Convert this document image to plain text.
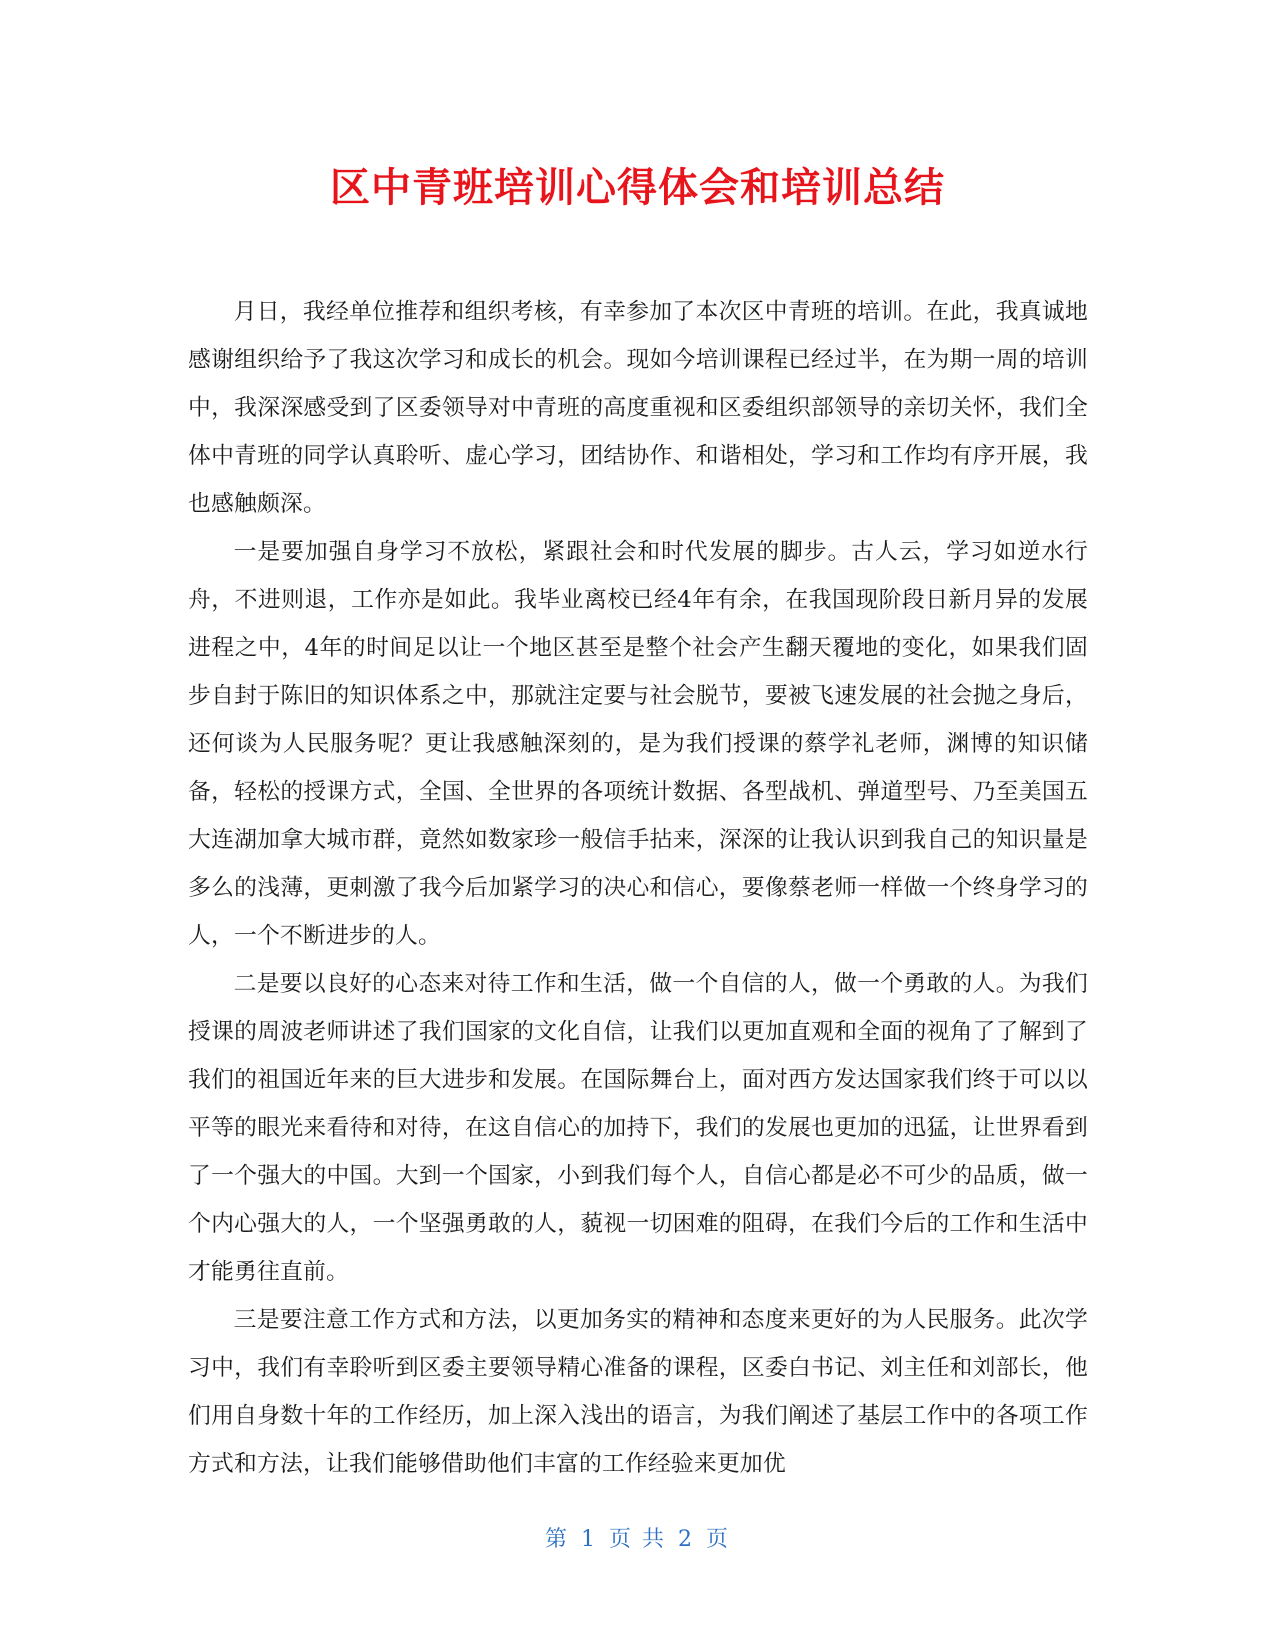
区中青班培训心得体会和培训总结

月日，我经单位推荐和组织考核，有幸参加了本次区中青班的培训。在此，我真诚地感谢组织给予了我这次学习和成长的机会。现如今培训课程已经过半，在为期一周的培训中，我深深感受到了区委领导对中青班的高度重视和区委组织部领导的亲切关怀，我们全体中青班的同学认真聆听、虚心学习，团结协作、和谐相处，学习和工作均有序开展，我也感触颇深。

一是要加强自身学习不放松，紧跟社会和时代发展的脚步。古人云，学习如逆水行舟，不进则退，工作亦是如此。我毕业离校已经4年有余，在我国现阶段日新月异的发展进程之中，4年的时间足以让一个地区甚至是整个社会产生翻天覆地的变化，如果我们固步自封于陈旧的知识体系之中，那就注定要与社会脱节，要被飞速发展的社会抛之身后，还何谈为人民服务呢？更让我感触深刻的，是为我们授课的蔡学礼老师，渊博的知识储备，轻松的授课方式，全国、全世界的各项统计数据、各型战机、弹道型号、乃至美国五大连湖加拿大城市群，竟然如数家珍一般信手拈来，深深的让我认识到我自己的知识量是多么的浅薄，更刺激了我今后加紧学习的决心和信心，要像蔡老师一样做一个终身学习的人，一个不断进步的人。

二是要以良好的心态来对待工作和生活，做一个自信的人，做一个勇敢的人。为我们授课的周波老师讲述了我们国家的文化自信，让我们以更加直观和全面的视角了了解到了我们的祖国近年来的巨大进步和发展。在国际舞台上，面对西方发达国家我们终于可以以平等的眼光来看待和对待，在这自信心的加持下，我们的发展也更加的迅猛，让世界看到了一个强大的中国。大到一个国家，小到我们每个人，自信心都是必不可少的品质，做一个内心强大的人，一个坚强勇敢的人，藐视一切困难的阻碍，在我们今后的工作和生活中才能勇往直前。

三是要注意工作方式和方法，以更加务实的精神和态度来更好的为人民服务。此次学习中，我们有幸聆听到区委主要领导精心准备的课程，区委白书记、刘主任和刘部长，他们用自身数十年的工作经历，加上深入浅出的语言，为我们阐述了基层工作中的各项工作方式和方法，让我们能够借助他们丰富的工作经验来更加优

第 1 页 共 2 页
